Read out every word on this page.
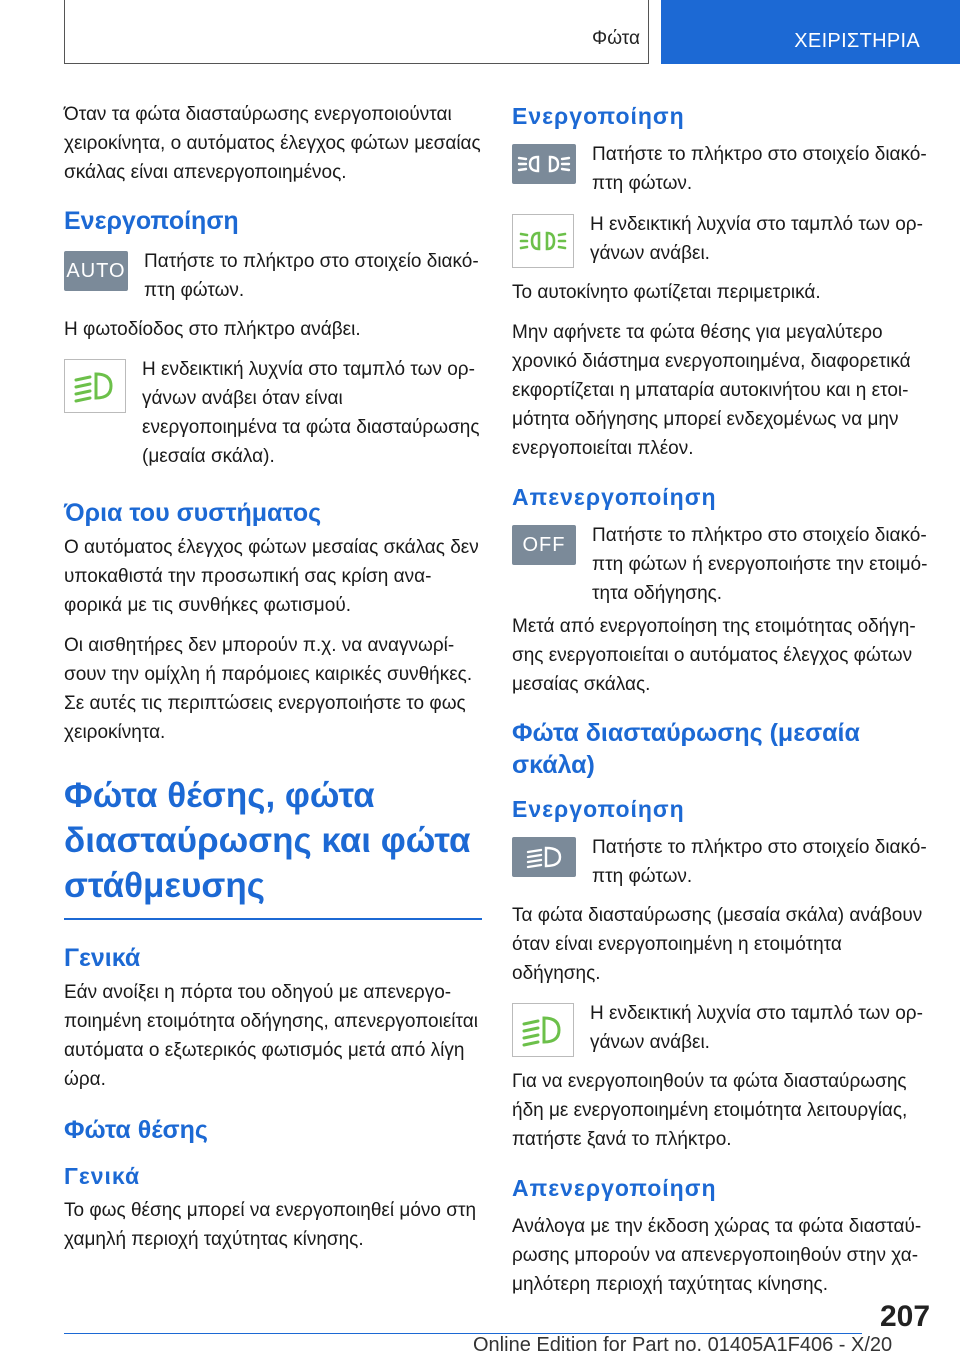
Φώτα	ΧΕΙΡΙΣΤΗΡΙΑ

Όταν τα φώτα διασταύρωσης ενεργοποιούνται χειροκίνητα, ο αυτόματος έλεγχος φώτων μεσαίας σκάλας είναι απενεργοποιημένος.

Ενεργοποίηση
AUTO Πατήστε το πλήκτρο στο στοιχείο διακόπτη φώτων.

Η φωτοδίοδος στο πλήκτρο ανάβει.

Η ενδεικτική λυχνία στο ταμπλό των οργάνων ανάβει όταν είναι ενεργοποιημένα τα φώτα διασταύρωσης (μεσαία σκάλα).
Όρια του συστήματος

Ο αυτόματος έλεγχος φώτων μεσαίας σκάλας δεν υποκαθιστά την προσωπική σας κρίση αναφορικά με τις συνθήκες φωτισμού.

Οι αισθητήρες δεν μπορούν π.χ. να αναγνωρίσουν την ομίχλη ή παρόμοιες καιρικές συνθήκες. Σε αυτές τις περιπτώσεις ενεργοποιήστε το φως χειροκίνητα.

Φώτα θέσης, φώτα διασταύρωσης και φώτα στάθμευσης
Γενικά

Εάν ανοίξει η πόρτα του οδηγού με απενεργοποιημένη ετοιμότητα οδήγησης, απενεργοποιείται αυτόματα ο εξωτερικός φωτισμός μετά από λίγη ώρα.

Φώτα θέσης
Γενικά

Το φως θέσης μπορεί να ενεργοποιηθεί μόνο στη χαμηλή περιοχή ταχύτητας κίνησης.

Ενεργοποίηση
Πατήστε το πλήκτρο στο στοιχείο διακόπτη φώτων.
Η ενδεικτική λυχνία στο ταμπλό των οργάνων ανάβει.

Το αυτοκίνητο φωτίζεται περιμετρικά.

Μην αφήνετε τα φώτα θέσης για μεγαλύτερο χρονικό διάστημα ενεργοποιημένα, διαφορετικά εκφορτίζεται η μπαταρία αυτοκινήτου και η ετοιμότητα οδήγησης μπορεί ενδεχομένως να μην ενεργοποιείται πλέον.

Απενεργοποίηση
OFF Πατήστε το πλήκτρο στο στοιχείο διακόπτη φώτων ή ενεργοποιήστε την ετοιμότητα οδήγησης.

Μετά από ενεργοποίηση της ετοιμότητας οδήγησης ενεργοποιείται ο αυτόματος έλεγχος φώτων μεσαίας σκάλας.

Φώτα διασταύρωσης (μεσαία σκάλα)
Ενεργοποίηση
Πατήστε το πλήκτρο στο στοιχείο διακόπτη φώτων.

Τα φώτα διασταύρωσης (μεσαία σκάλα) ανάβουν όταν είναι ενεργοποιημένη η ετοιμότητα οδήγησης.

Η ενδεικτική λυχνία στο ταμπλό των οργάνων ανάβει.

Για να ενεργοποιηθούν τα φώτα διασταύρωσης ήδη με ενεργοποιημένη ετοιμότητα λειτουργίας, πατήστε ξανά το πλήκτρο.

Απενεργοποίηση

Ανάλογα με την έκδοση χώρας τα φώτα διασταύρωσης μπορούν να απενεργοποιηθούν στην χαμηλότερη περιοχή ταχύτητας κίνησης.

207
Online Edition for Part no. 01405A1F406 - X/20
